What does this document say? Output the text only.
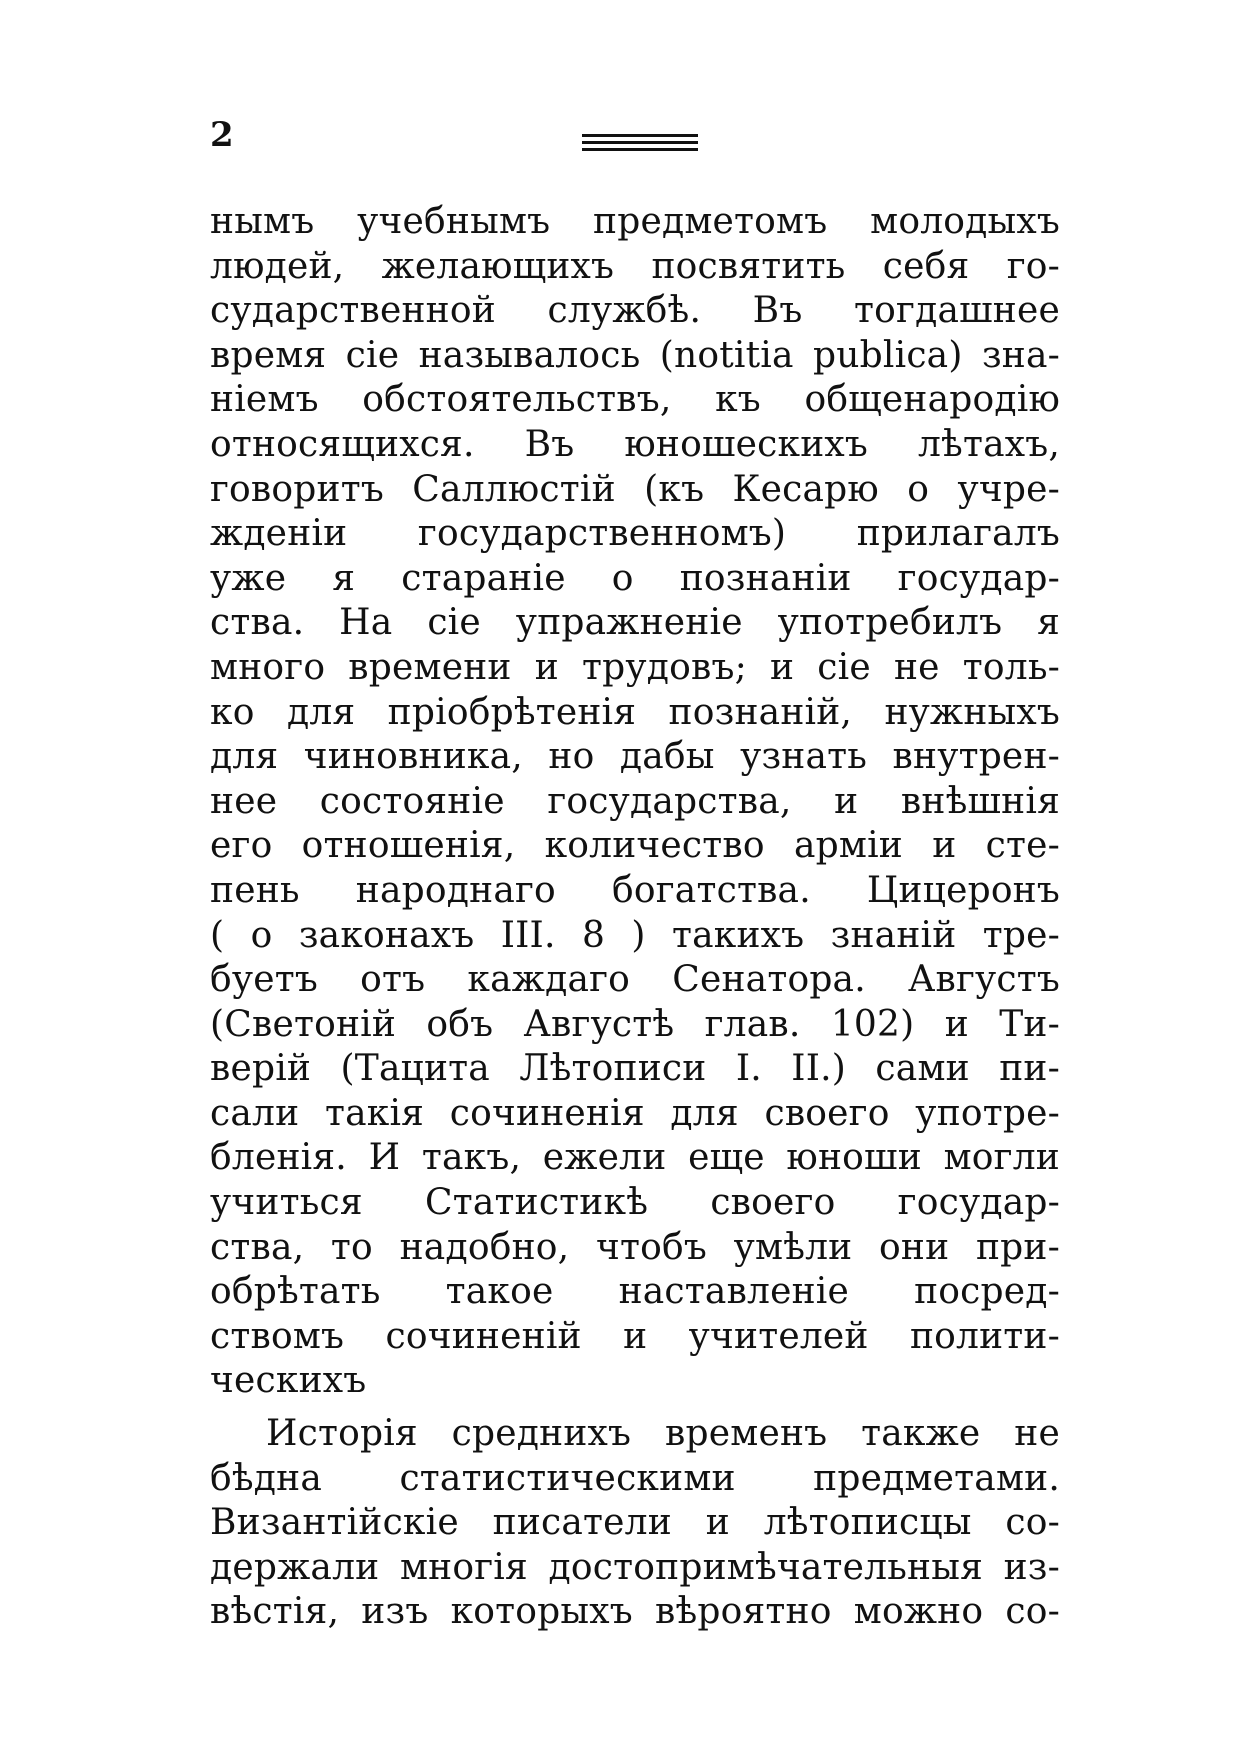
2
нымъ учебнымъ предметомъ молодыхъ
людей, желающихъ посвятить себя го-
сударственной службѣ. Въ тогдашнее
время сіе называлось (notitia publica) зна-
ніемъ обстоятельствъ, къ общенародію
относящихся. Въ юношескихъ лѣтахъ,
говоритъ Саллюстій (къ Кесарю о учре-
жденіи государственномъ) прилагалъ
уже я стараніе о познаніи государ-
ства. На сіе упражненіе употребилъ я
много времени и трудовъ; и сіе не толь-
ко для пріобрѣтенія познаній, нужныхъ
для чиновника, но дабы узнать внутрен-
нее состояніе государства, и внѣшнія
его отношенія, количество арміи и сте-
пень народнаго богатства. Цицеронъ
( о законахъ III. 8 ) такихъ знаній тре-
буетъ отъ каждаго Сенатора. Августъ
(Светоній объ Августѣ глав. 102) и Ти-
верій (Тацита Лѣтописи I. II.) сами пи-
сали такія сочиненія для своего употре-
бленія. И такъ, ежели еще юноши могли
учиться Статистикѣ своего государ-
ства, то надобно, чтобъ умѣли они при-
обрѣтать такое наставленіе посред-
ствомъ сочиненій и учителей полити-
ческихъ
Исторія среднихъ временъ также не
бѣдна статистическими предметами.
Византійскіе писатели и лѣтописцы со-
держали многія достопримѣчательныя из-
вѣстія, изъ которыхъ вѣроятно можно со-
